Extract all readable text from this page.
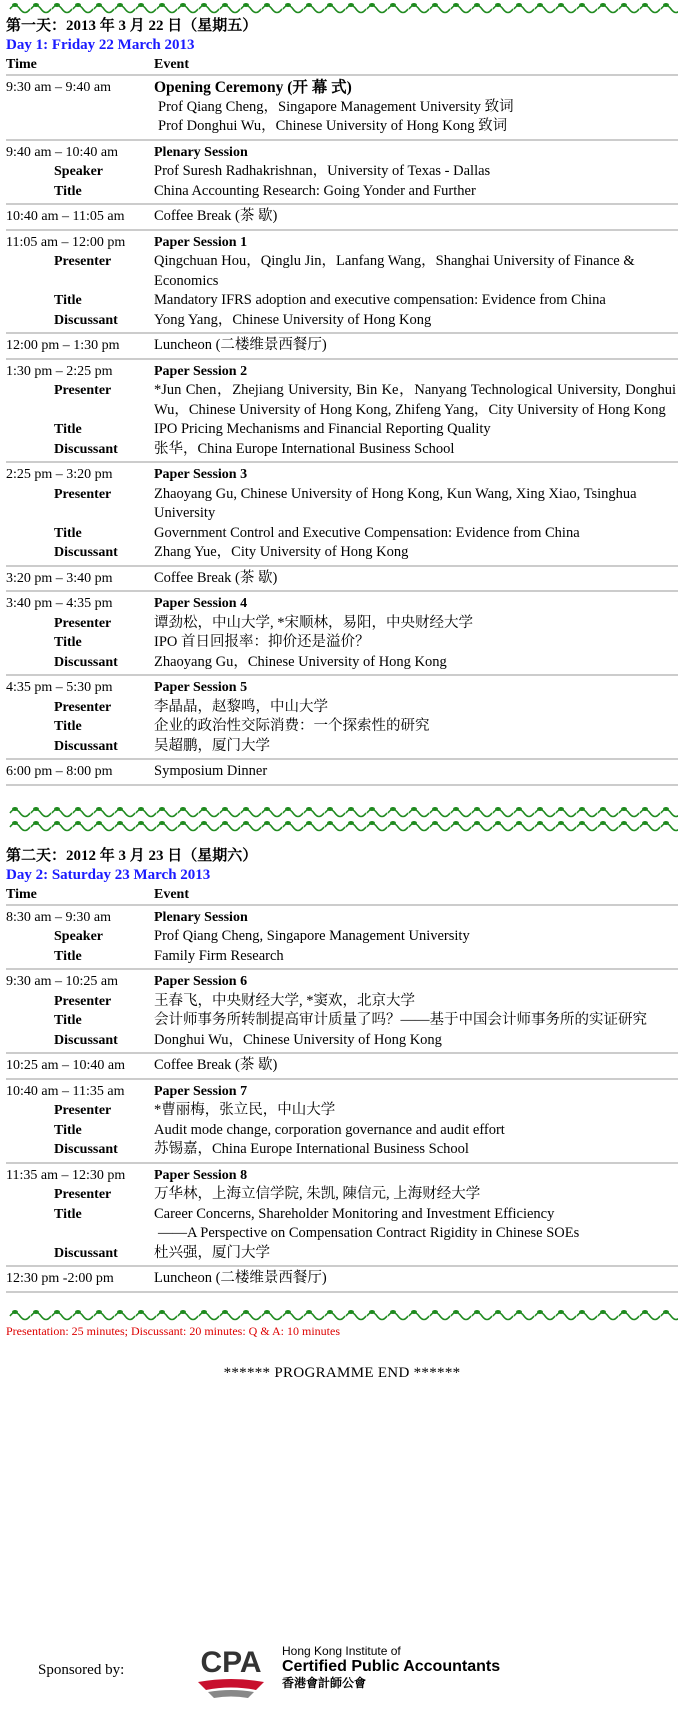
第一天：2013 年 3 月 22 日（星期五）
Day 1: Friday 22 March 2013
Time	Event
9:30 am – 9:40 am	Opening Ceremony (开 幕 式)
Prof Qiang Cheng，Singapore Management University 致词
Prof Donghui Wu，Chinese University of Hong Kong 致词
9:40 am – 10:40 am	Plenary Session
Speaker	Prof Suresh Radhakrishnan，University of Texas - Dallas
Title	China Accounting Research: Going Yonder and Further
10:40 am – 11:05 am	Coffee Break (茶 歇)
11:05 am – 12:00 pm	Paper Session 1
Presenter	Qingchuan Hou，Qinglu Jin，Lanfang Wang，Shanghai University of Finance & Economics
Title	Mandatory IFRS adoption and executive compensation: Evidence from China
Discussant	Yong Yang，Chinese University of Hong Kong
12:00 pm – 1:30 pm	Luncheon (二楼维景西餐厅)
1:30 pm – 2:25 pm	Paper Session 2
Presenter	*Jun Chen，Zhejiang University, Bin Ke，Nanyang Technological University, Donghui Wu，Chinese University of Hong Kong, Zhifeng Yang，City University of Hong Kong
Title	IPO Pricing Mechanisms and Financial Reporting Quality
Discussant	张华，China Europe International Business School
2:25 pm – 3:20 pm	Paper Session 3
Presenter	Zhaoyang Gu, Chinese University of Hong Kong, Kun Wang, Xing Xiao, Tsinghua University
Title	Government Control and Executive Compensation: Evidence from China
Discussant	Zhang Yue，City University of Hong Kong
3:20 pm – 3:40 pm	Coffee Break (茶 歇)
3:40 pm – 4:35 pm	Paper Session 4
Presenter	谭劲松，中山大学, *宋顺林，易阳，中央财经大学
Title	IPO 首日回报率：抑价还是溢价？
Discussant	Zhaoyang Gu，Chinese University of Hong Kong
4:35 pm – 5:30 pm	Paper Session 5
Presenter	李晶晶，赵黎鸣，中山大学
Title	企业的政治性交际消费：一个探索性的研究
Discussant	吴超鹏，厦门大学
6:00 pm – 8:00 pm	Symposium Dinner
第二天：2012 年 3 月 23 日（星期六）
Day 2: Saturday 23 March 2013
Time	Event
8:30 am – 9:30 am	Plenary Session
Speaker	Prof Qiang Cheng, Singapore Management University
Title	Family Firm Research
9:30 am – 10:25 am	Paper Session 6
Presenter	王春飞，中央财经大学, *窦欢，北京大学
Title	会计师事务所转制提高审计质量了吗？——基于中国会计师事务所的实证研究
Discussant	Donghui Wu，Chinese University of Hong Kong
10:25 am – 10:40 am	Coffee Break (茶 歇)
10:40 am – 11:35 am	Paper Session 7
Presenter	*曹丽梅，张立民，中山大学
Title	Audit mode change, corporation governance and audit effort
Discussant	苏锡嘉，China Europe International Business School
11:35 am – 12:30 pm	Paper Session 8
Presenter	万华林，上海立信学院, 朱凯, 陳信元, 上海财经大学
Title	Career Concerns, Shareholder Monitoring and Investment Efficiency
——A Perspective on Compensation Contract Rigidity in Chinese SOEs
Discussant	杜兴强，厦门大学
12:30 pm -2:00 pm	Luncheon (二楼维景西餐厅)
Presentation: 25 minutes; Discussant: 20 minutes: Q & A: 10 minutes
****** PROGRAMME END ******
Sponsored by:	CPA Hong Kong Institute of
Certified Public Accountants
香港會計師公會
